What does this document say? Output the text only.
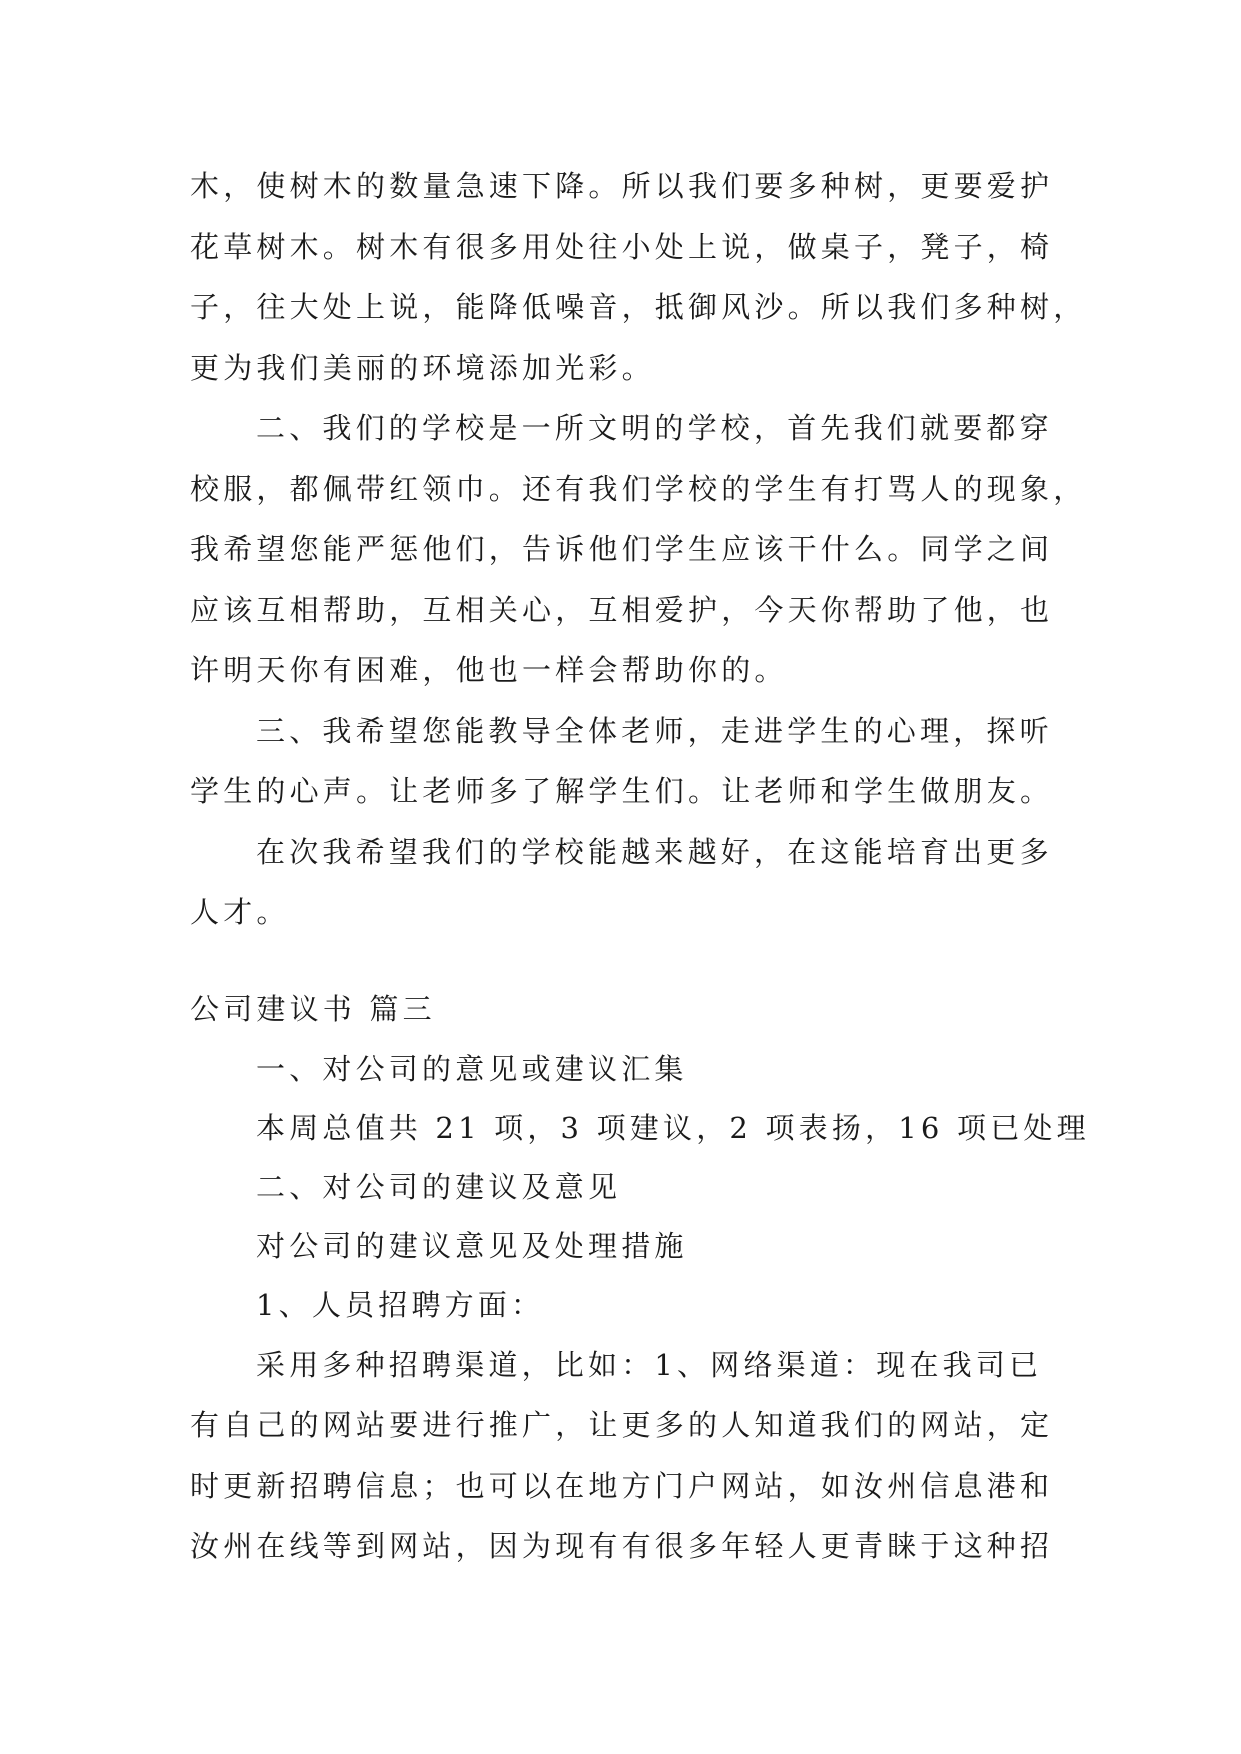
木，使树木的数量急速下降。所以我们要多种树，更要爱护
花草树木。树木有很多用处往小处上说，做桌子，凳子，椅
子，往大处上说，能降低噪音，抵御风沙。所以我们多种树，
更为我们美丽的环境添加光彩。
二、我们的学校是一所文明的学校，首先我们就要都穿
校服，都佩带红领巾。还有我们学校的学生有打骂人的现象，
我希望您能严惩他们，告诉他们学生应该干什么。同学之间
应该互相帮助，互相关心，互相爱护，今天你帮助了他，也
许明天你有困难，他也一样会帮助你的。
三、我希望您能教导全体老师，走进学生的心理，探听
学生的心声。让老师多了解学生们。让老师和学生做朋友。
在次我希望我们的学校能越来越好，在这能培育出更多
人才。
公司建议书 篇三
一、对公司的意见或建议汇集
本周总值共 21 项，3 项建议，2 项表扬，16 项已处理
二、对公司的建议及意见
对公司的建议意见及处理措施
1、人员招聘方面：
采用多种招聘渠道，比如：1、网络渠道：现在我司已
有自己的网站要进行推广，让更多的人知道我们的网站，定
时更新招聘信息；也可以在地方门户网站，如汝州信息港和
汝州在线等到网站，因为现有有很多年轻人更青睐于这种招
